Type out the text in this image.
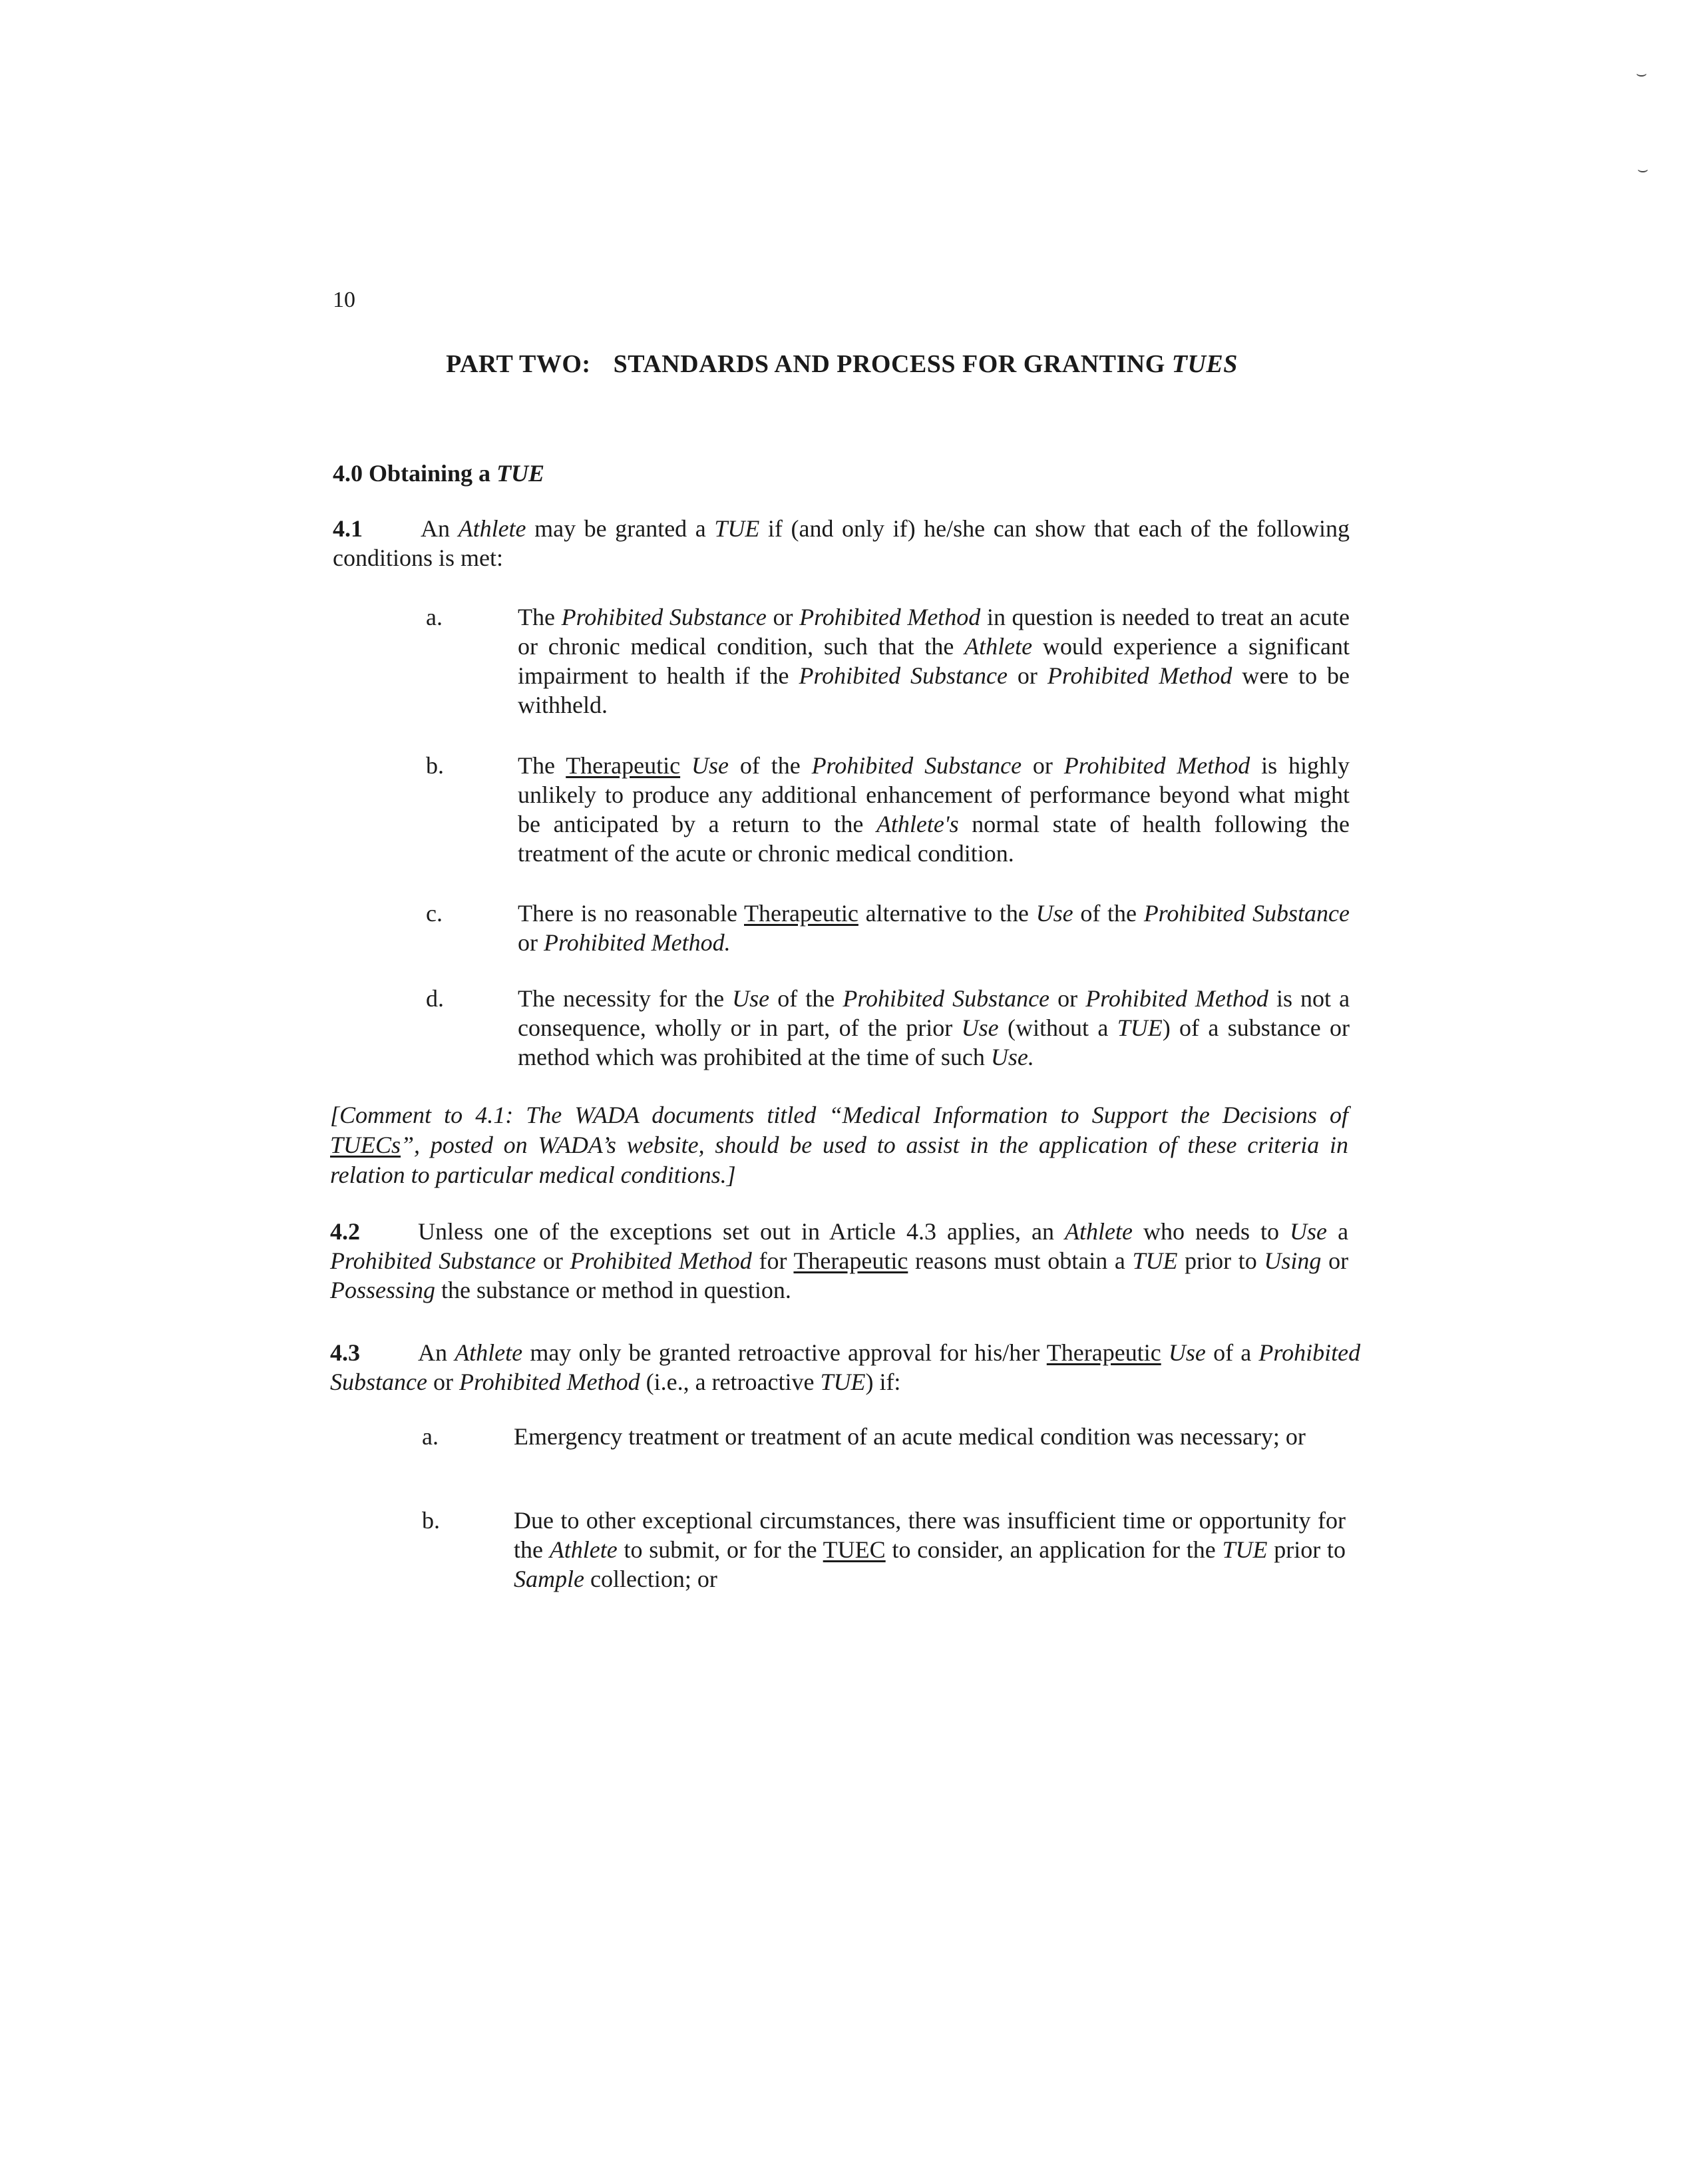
⌣
⌣
10
PART TWO: STANDARDS AND PROCESS FOR GRANTING TUES
4.0 Obtaining a TUE
4.1 An Athlete may be granted a TUE if (and only if) he/she can show that each of the following conditions is met:
a.	The Prohibited Substance or Prohibited Method in question is needed to treat an acute or chronic medical condition, such that the Athlete would experience a significant impairment to health if the Prohibited Substance or Prohibited Method were to be withheld.
b.	The Therapeutic Use of the Prohibited Substance or Prohibited Method is highly unlikely to produce any additional enhancement of performance beyond what might be anticipated by a return to the Athlete's normal state of health following the treatment of the acute or chronic medical condition.
c.	There is no reasonable Therapeutic alternative to the Use of the Prohibited Substance or Prohibited Method.
d.	The necessity for the Use of the Prohibited Substance or Prohibited Method is not a consequence, wholly or in part, of the prior Use (without a TUE) of a substance or method which was prohibited at the time of such Use.
[Comment to 4.1: The WADA documents titled “Medical Information to Support the Decisions of TUECs”, posted on WADA’s website, should be used to assist in the application of these criteria in relation to particular medical conditions.]
4.2 Unless one of the exceptions set out in Article 4.3 applies, an Athlete who needs to Use a Prohibited Substance or Prohibited Method for Therapeutic reasons must obtain a TUE prior to Using or Possessing the substance or method in question.
4.3 An Athlete may only be granted retroactive approval for his/her Therapeutic Use of a Prohibited Substance or Prohibited Method (i.e., a retroactive TUE) if:
a.	Emergency treatment or treatment of an acute medical condition was necessary; or
b.	Due to other exceptional circumstances, there was insufficient time or opportunity for the Athlete to submit, or for the TUEC to consider, an application for the TUE prior to Sample collection; or
